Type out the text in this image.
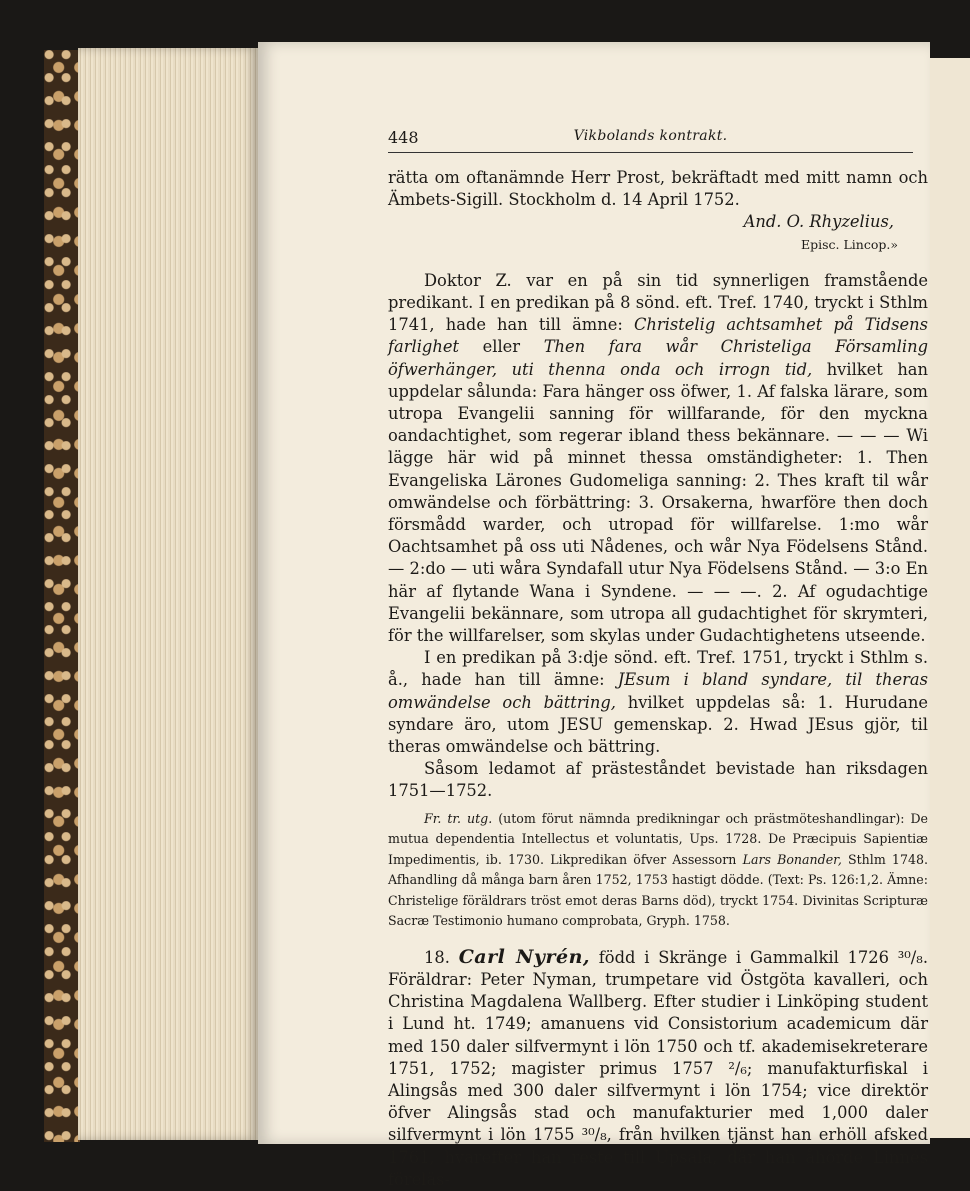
448	Vikbolands kontrakt.

rätta om oftanämnde Herr Prost, bekräftadt med mitt namn och Ämbets-Sigill. Stockholm d. 14 April 1752.

And. O. Rhyzelius,

Episc. Lincop.»

Doktor Z. var en på sin tid synnerligen framstående predikant. I en predikan på 8 sönd. eft. Tref. 1740, tryckt i Sthlm 1741, hade han till ämne: Christelig achtsamhet på Tidsens farlighet eller Then fara wår Christeliga Församling öfwerhänger, uti thenna onda och irrogn tid, hvilket han uppdelar sålunda: Fara hänger oss öfwer, 1. Af falska lärare, som utropa Evangelii sanning för willfarande, för den myckna oandachtighet, som regerar ibland thess bekännare. — — — Wi lägge här wid på minnet thessa omständigheter: 1. Then Evangeliska Lärones Gudomeliga sanning: 2. Thes kraft til wår omwändelse och förbättring: 3. Orsakerna, hwarföre then doch försmådd warder, och utropad för willfarelse. 1:mo wår Oachtsamhet på oss uti Nådenes, och wår Nya Födelsens Stånd. — 2:do — uti wåra Syndafall utur Nya Födelsens Stånd. — 3:o En här af flytande Wana i Syndene. — — —. 2. Af ogudachtige Evangelii bekännare, som utropa all gudachtighet för skrymteri, för the willfarelser, som skylas under Gudachtighetens utseende.

I en predikan på 3:dje sönd. eft. Tref. 1751, tryckt i Sthlm s. å., hade han till ämne: JEsum i bland syndare, til theras omwändelse och bättring, hvilket uppdelas så: 1. Hurudane syndare äro, utom JESU gemenskap. 2. Hwad JEsus gjör, til theras omwändelse och bättring.

Såsom ledamot af prästeståndet bevistade han riksdagen 1751—1752.

Fr. tr. utg. (utom förut nämnda predikningar och prästmöteshandlingar): De mutua dependentia Intellectus et voluntatis, Ups. 1728. De Præcipuis Sapientiæ Impedimentis, ib. 1730. Likpredikan öfver Assessorn Lars Bonander, Sthlm 1748. Afhandling då många barn åren 1752, 1753 hastigt dödde. (Text: Ps. 126:1,2. Ämne: Christelige föräldrars tröst emot deras Barns död), tryckt 1754. Divinitas Scripturæ Sacræ Testimonio humano comprobata, Gryph. 1758.

18. Carl Nyrén, född i Skränge i Gammalkil 1726 ³⁰/₈. Föräldrar: Peter Nyman, trumpetare vid Östgöta kavalleri, och Christina Magdalena Wallberg. Efter studier i Linköping student i Lund ht. 1749; amanuens vid Consistorium academicum där med 150 daler silfvermynt i lön 1750 och tf. akademisekreterare 1751, 1752; magister primus 1757 ²/₆; manufakturfiskal i Alingsås med 300 daler silfvermynt i lön 1754; vice direktör öfver Alingsås stad och manufakturier med 1,000 daler silfvermynt i lön 1755 ³⁰/₈, från hvilken tjänst han erhöll afsked 1761, hvarefter han reste till Upsala, där han åhörde Linnés föreläs-
